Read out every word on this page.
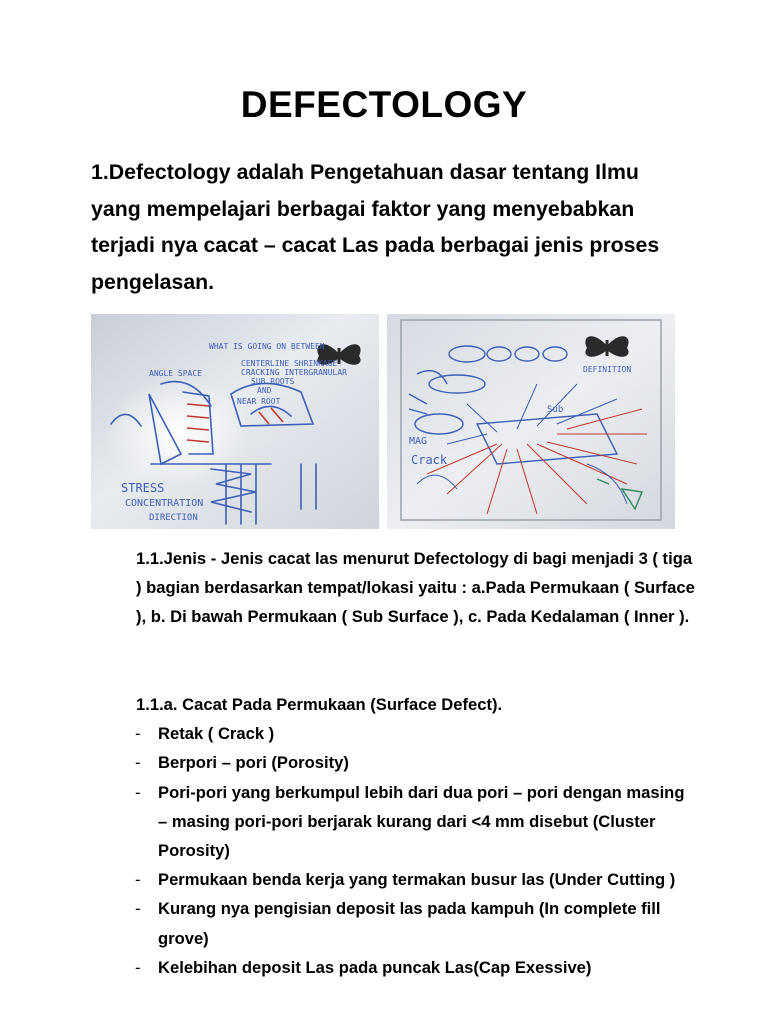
DEFECTOLOGY
1.Defectology adalah Pengetahuan dasar tentang Ilmu yang mempelajari berbagai faktor yang menyebabkan terjadi nya cacat – cacat Las pada berbagai jenis proses pengelasan.
WHAT IS GOING ON BETWEEN
ANGLE SPACE
CENTERLINE SHRINKAGE
CRACKING INTERGRANULAR
SUB ROOTS
AND
NEAR ROOT
STRESS
CONCENTRATION
DIRECTION
DEFINITION
MAG
Crack
Sub
1.1.Jenis - Jenis cacat las menurut Defectology di bagi menjadi 3 ( tiga ) bagian berdasarkan tempat/lokasi yaitu : a.Pada Permukaan ( Surface ), b. Di bawah Permukaan ( Sub Surface ), c. Pada Kedalaman ( Inner ).
1.1.a. Cacat Pada Permukaan (Surface Defect).
- Retak ( Crack )
- Berpori – pori (Porosity)
- Pori-pori yang berkumpul lebih dari dua pori – pori dengan masing – masing pori-pori berjarak kurang dari <4 mm disebut (Cluster Porosity)
- Permukaan benda kerja yang termakan busur las (Under Cutting )
- Kurang nya pengisian deposit las pada kampuh (In complete fill grove)
- Kelebihan deposit Las pada puncak Las(Cap Exessive)
